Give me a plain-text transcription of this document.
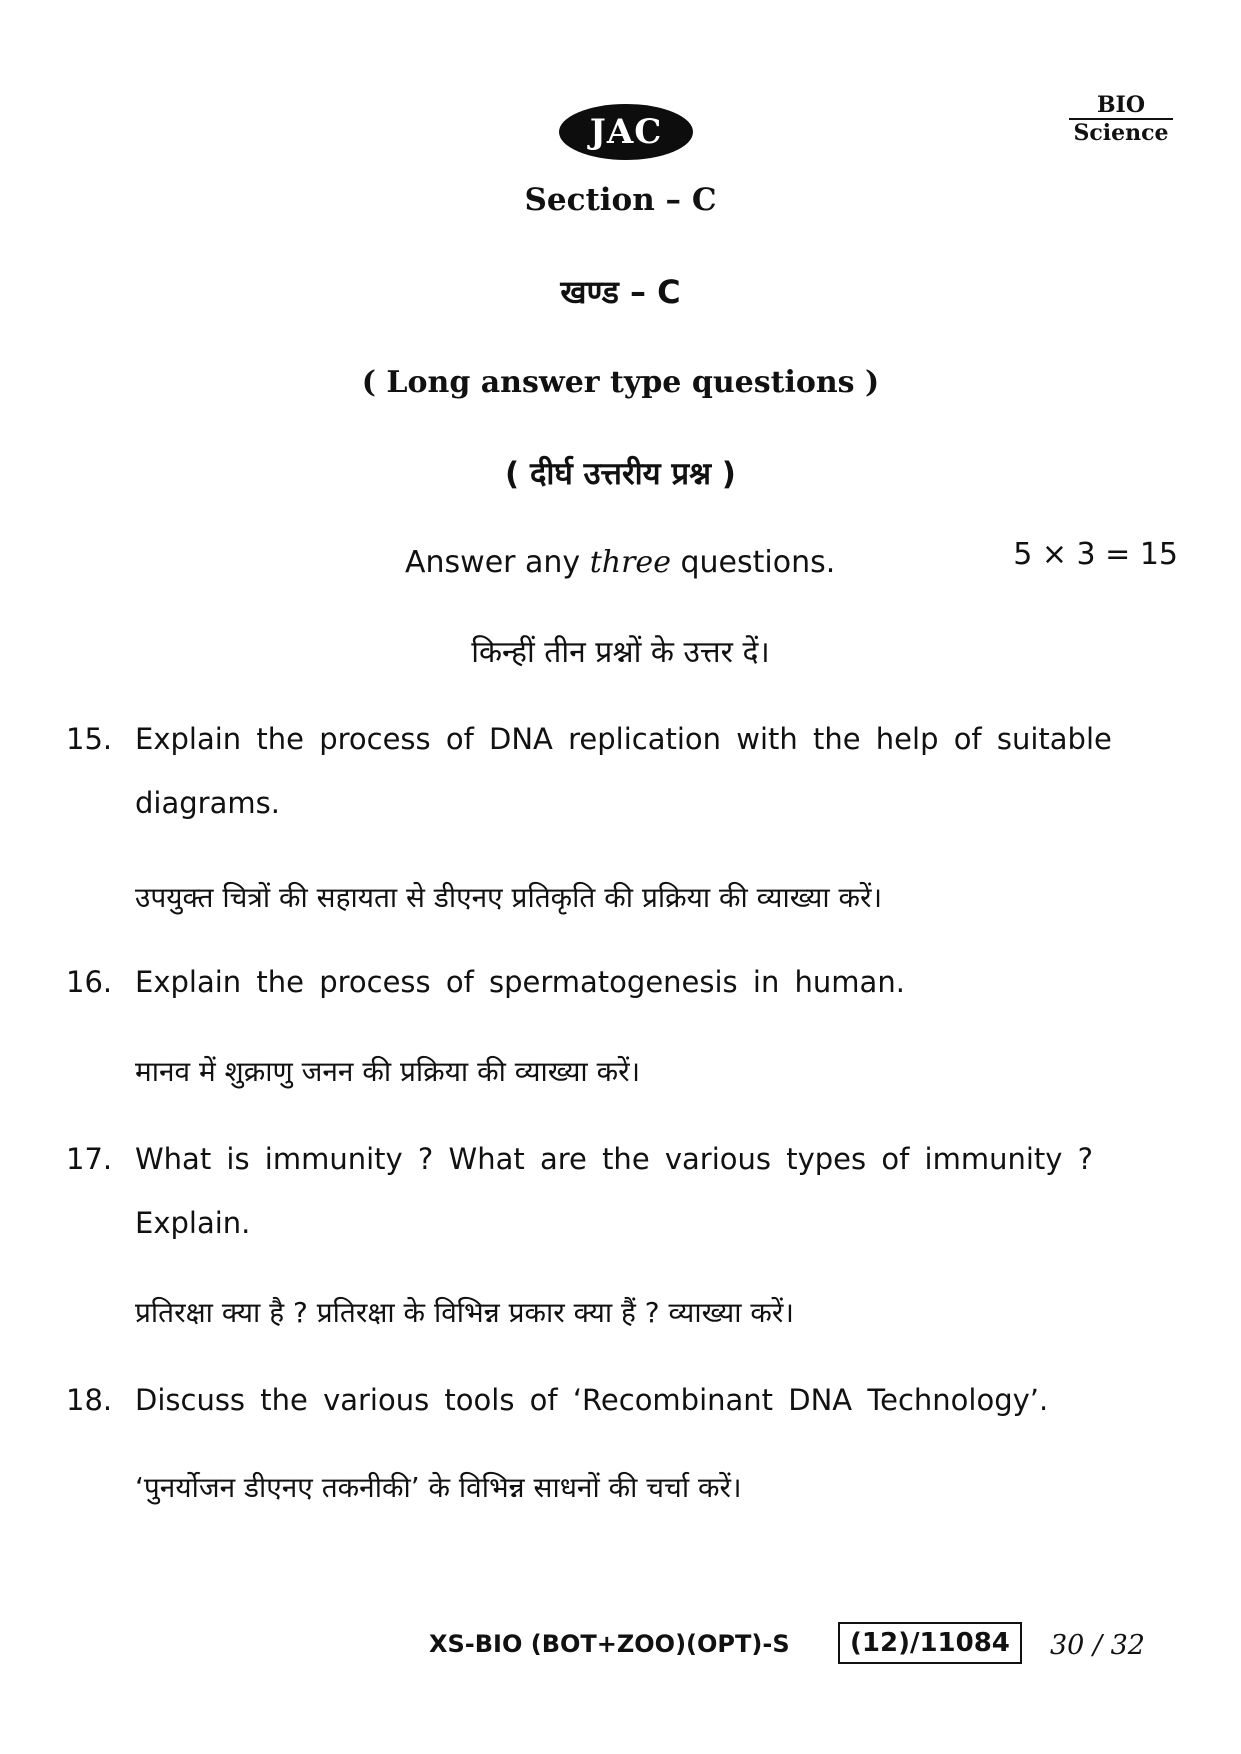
JAC
BIO
Science
Section – C
खण्ड – C
( Long answer type questions )
( दीर्घ उत्तरीय प्रश्न )
Answer any three questions.	5 × 3 = 15
किन्हीं तीन प्रश्नों के उत्तर दें।
15. Explain the process of DNA replication with the help of suitable diagrams.
उपयुक्त चित्रों की सहायता से डीएनए प्रतिकृति की प्रक्रिया की व्याख्या करें।
16. Explain the process of spermatogenesis in human.
मानव में शुक्राणु जनन की प्रक्रिया की व्याख्या करें।
17. What is immunity ? What are the various types of immunity ? Explain.
प्रतिरक्षा क्या है ? प्रतिरक्षा के विभिन्न प्रकार क्या हैं ? व्याख्या करें।
18. Discuss the various tools of ‘Recombinant DNA Technology’.
‘पुनर्योजन डीएनए तकनीकी’ के विभिन्न साधनों की चर्चा करें।
XS-BIO (BOT+ZOO)(OPT)-S	(12)/11084	30 / 32
